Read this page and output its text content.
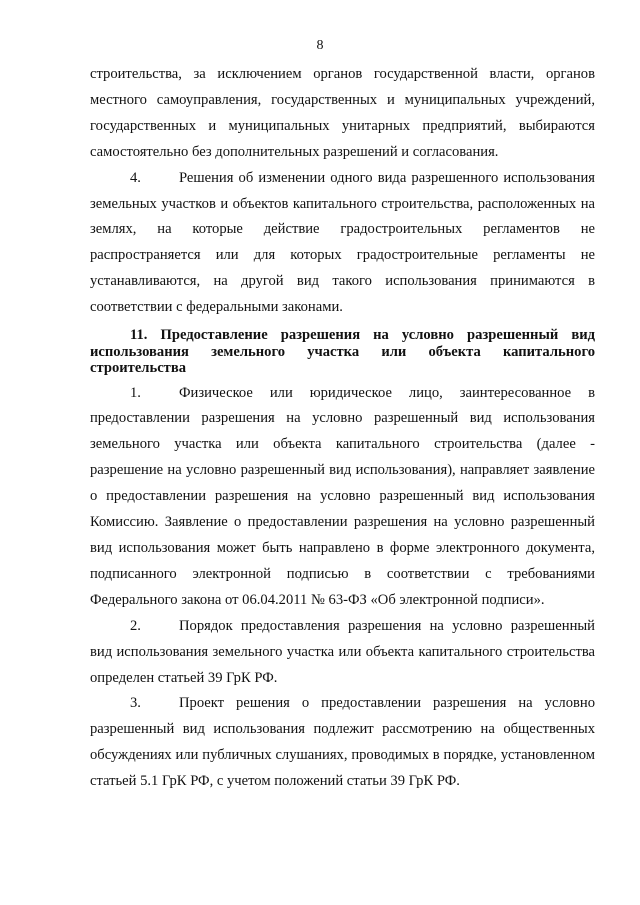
8

строительства, за исключением органов государственной власти, органов местного самоуправления, государственных и муниципальных учреждений, государственных и муниципальных унитарных предприятий, выбираются самостоятельно без дополнительных разрешений и согласования.

4.	Решения об изменении одного вида разрешенного использования земельных участков и объектов капитального строительства, расположенных на землях, на которые действие градостроительных регламентов не распространяется или для которых градостроительные регламенты не устанавливаются, на другой вид такого использования принимаются в соответствии с федеральными законами.

11. Предоставление разрешения на условно разрешенный вид использования земельного участка или объекта капитального строительства

1.	Физическое или юридическое лицо, заинтересованное в предоставлении разрешения на условно разрешенный вид использования земельного участка или объекта капитального строительства (далее - разрешение на условно разрешенный вид использования), направляет заявление о предоставлении разрешения на условно разрешенный вид использования Комиссию. Заявление о предоставлении разрешения на условно разрешенный вид использования может быть направлено в форме электронного документа, подписанного электронной подписью в соответствии с требованиями Федерального закона от 06.04.2011 № 63-ФЗ «Об электронной подписи».

2.	Порядок предоставления разрешения на условно разрешенный вид использования земельного участка или объекта капитального строительства определен статьей 39 ГрК РФ.

3.	Проект решения о предоставлении разрешения на условно разрешенный вид использования подлежит рассмотрению на общественных обсуждениях или публичных слушаниях, проводимых в порядке, установленном статьей 5.1 ГрК РФ, с учетом положений статьи 39 ГрК РФ.
